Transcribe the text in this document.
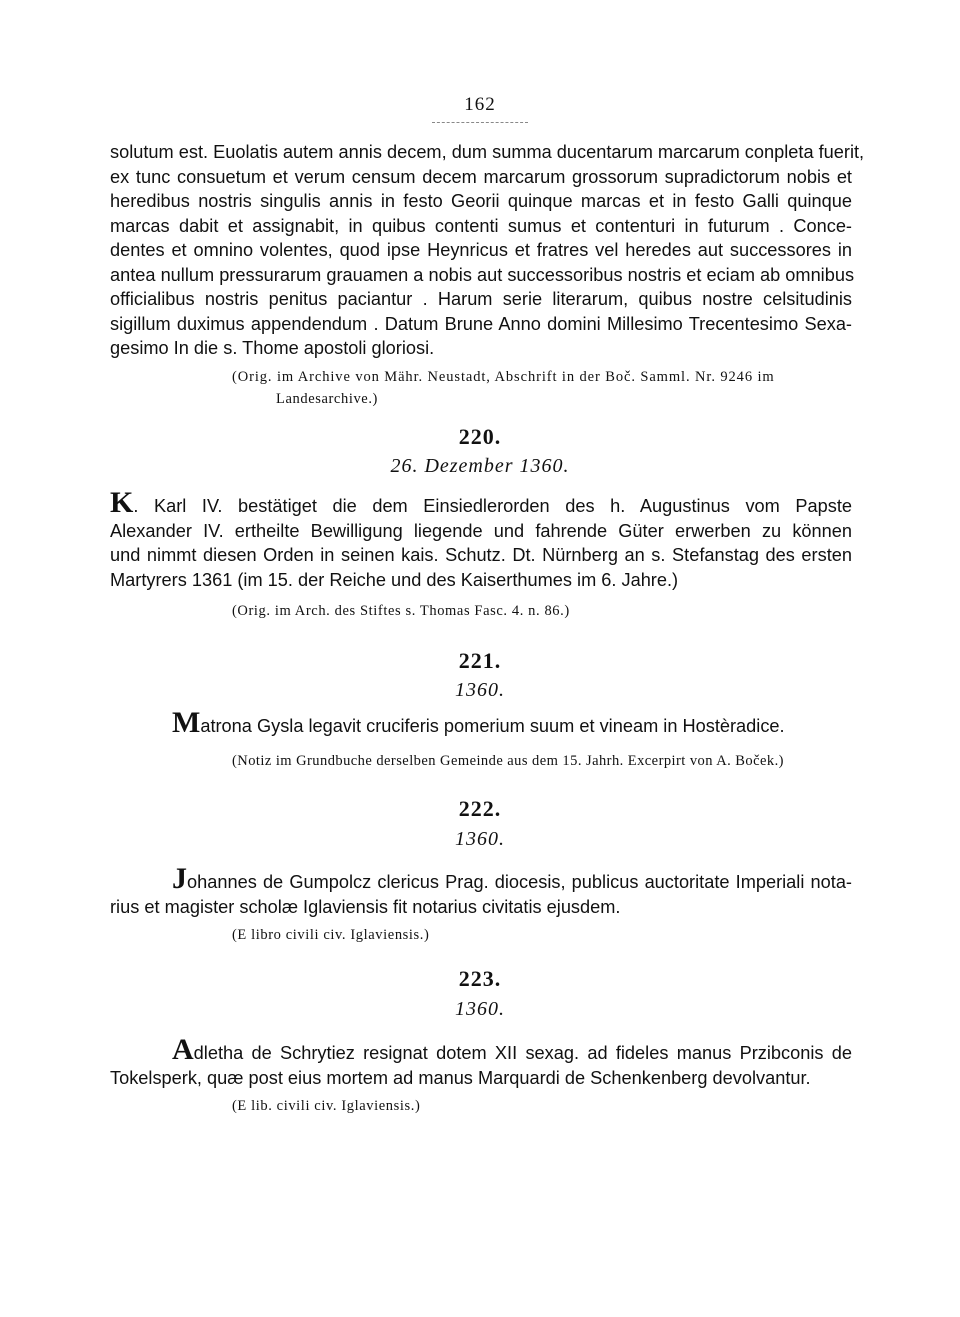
162

solutum est. Euolatis autem annis decem, dum summa ducentarum marcarum conpleta fuerit,
ex tunc consuetum et verum censum decem marcarum grossorum supradictorum nobis et
heredibus nostris singulis annis in festo Georii quinque marcas et in festo Galli quinque
marcas dabit et assignabit, in quibus contenti sumus et contenturi in futurum . Conce-
dentes et omnino volentes, quod ipse Heynricus et fratres vel heredes aut successores in
antea nullum pressurarum grauamen a nobis aut successoribus nostris et eciam ab omnibus
officialibus nostris penitus paciantur . Harum serie literarum, quibus nostre celsitudinis
sigillum duximus appendendum . Datum Brune Anno domini Millesimo Trecentesimo Sexa-
gesimo In die s. Thome apostoli gloriosi.

(Orig. im Archive von Mähr. Neustadt, Abschrift in der Boč. Samml. Nr. 9246 im
Landesarchive.)

220.
26. Dezember 1360.

K. Karl IV. bestätiget die dem Einsiedlerorden des h. Augustinus vom Papste
Alexander IV. ertheilte Bewilligung liegende und fahrende Güter erwerben zu können
und nimmt diesen Orden in seinen kais. Schutz. Dt. Nürnberg an s. Stefanstag des ersten
Martyrers 1361 (im 15. der Reiche und des Kaiserthumes im 6. Jahre.)

(Orig. im Arch. des Stiftes s. Thomas Fasc. 4. n. 86.)

221.
1360.

Matrona Gysla legavit cruciferis pomerium suum et vineam in Hostèradice.

(Notiz im Grundbuche derselben Gemeinde aus dem 15. Jahrh. Excerpirt von A. Boček.)

222.
1360.

Johannes de Gumpolcz clericus Prag. diocesis, publicus auctoritate Imperiali nota-
rius et magister scholæ Iglaviensis fit notarius civitatis ejusdem.

(E libro civili civ. Iglaviensis.)

223.
1360.

Adletha de Schrytiez resignat dotem XII sexag. ad fideles manus Przibconis de
Tokelsperk, quæ post eius mortem ad manus Marquardi de Schenkenberg devolvantur.

(E lib. civili civ. Iglaviensis.)
